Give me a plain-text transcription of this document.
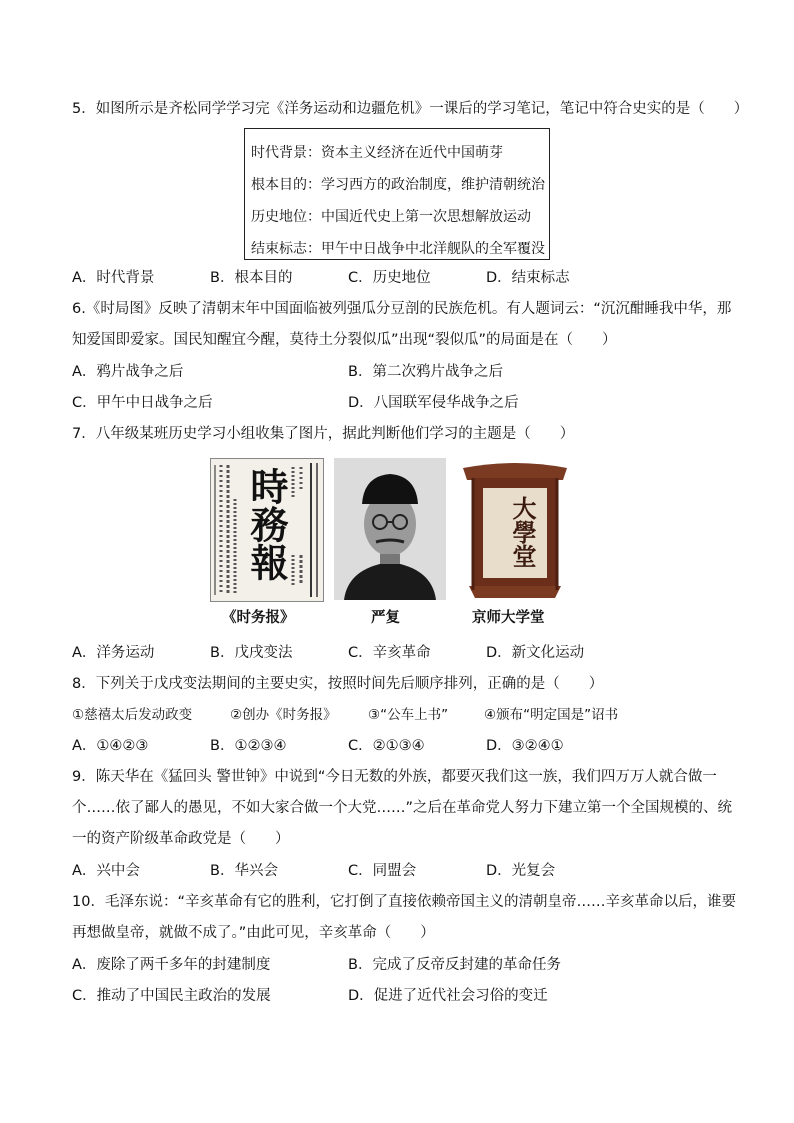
5．如图所示是齐松同学学习完《洋务运动和边疆危机》一课后的学习笔记，笔记中符合史实的是（　　）
时代背景：资本主义经济在近代中国萌芽
根本目的：学习西方的政治制度，维护清朝统治
历史地位：中国近代史上第一次思想解放运动
结束标志：甲午中日战争中北洋舰队的全军覆没
A．时代背景	B．根本目的	C．历史地位	D．结束标志
6.《时局图》反映了清朝末年中国面临被列强瓜分豆剖的民族危机。有人题词云：“沉沉酣睡我中华，那
知爱国即爱家。国民知醒宜今醒，莫待土分裂似瓜”出现“裂似瓜”的局面是在（　　）
A．鸦片战争之后	B．第二次鸦片战争之后
C．甲午中日战争之后	D．八国联军侵华战争之后
7．八年级某班历史学习小组收集了图片，据此判断他们学习的主题是（　　）
時務報
《时务报》	严复
大學堂
京师大学堂
A．洋务运动	B．戊戌变法	C．辛亥革命	D．新文化运动
8．下列关于戊戌变法期间的主要史实，按照时间先后顺序排列，正确的是（　　）
①慈禧太后发动政变	②创办《时务报》 ③“公车上书”	④颁布“明定国是”诏书
A．①④②③	B．①②③④	C．②①③④	D．③②④①
9．陈天华在《猛回头 警世钟》中说到“今日无数的外族，都要灭我们这一族，我们四万万人就合做一
个……依了鄙人的愚见，不如大家合做一个大党……”之后在革命党人努力下建立第一个全国规模的、统
一的资产阶级革命政党是（　　）
A．兴中会	B．华兴会	C．同盟会	D．光复会
10．毛泽东说：“辛亥革命有它的胜利，它打倒了直接依赖帝国主义的清朝皇帝……辛亥革命以后，谁要
再想做皇帝，就做不成了。”由此可见，辛亥革命（　　）
A．废除了两千多年的封建制度	B．完成了反帝反封建的革命任务
C．推动了中国民主政治的发展	D．促进了近代社会习俗的变迁
